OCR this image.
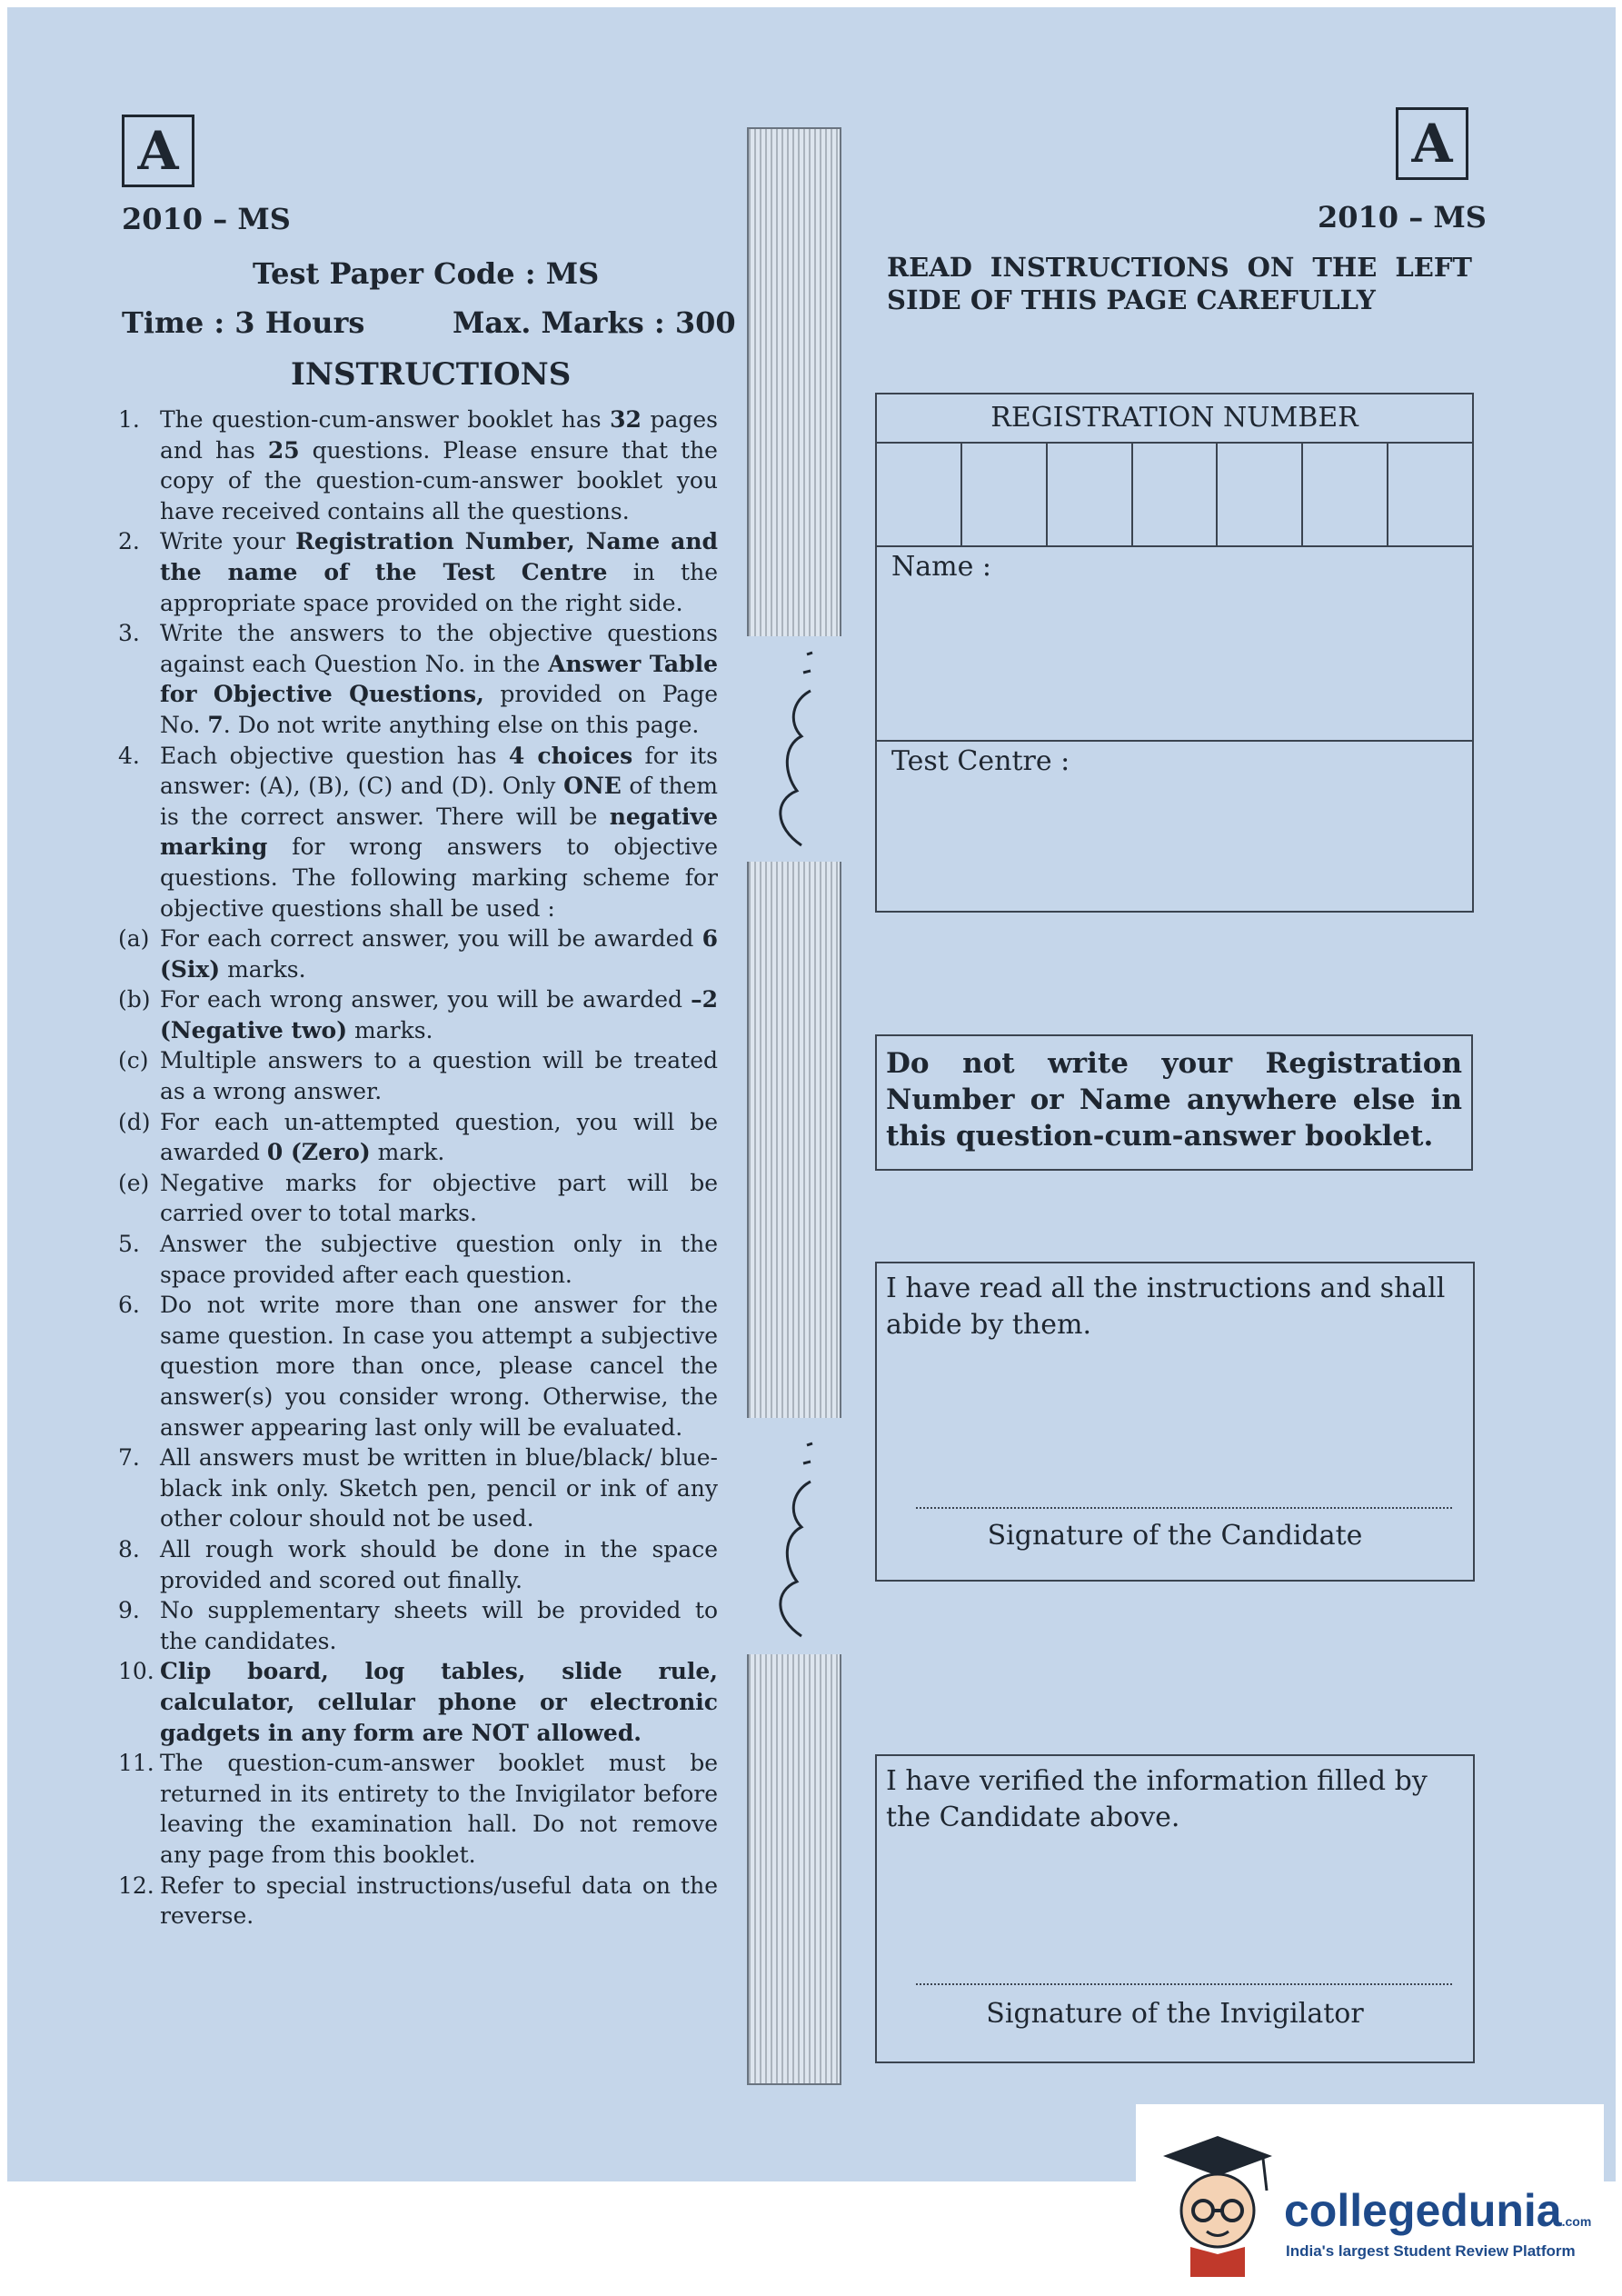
A
2010 – MS
Test Paper Code : MS
Time : 3 Hours	Max. Marks : 300
INSTRUCTIONS
1. The question-cum-answer booklet has 32 pages and has 25 questions. Please ensure that the copy of the question-cum-answer booklet you have received contains all the questions.
2. Write your Registration Number, Name and the name of the Test Centre in the appropriate space provided on the right side.
3. Write the answers to the objective questions against each Question No. in the Answer Table for Objective Questions, provided on Page No. 7. Do not write anything else on this page.
4. Each objective question has 4 choices for its answer: (A), (B), (C) and (D). Only ONE of them is the correct answer. There will be negative marking for wrong answers to objective questions. The following marking scheme for objective questions shall be used :
(a) For each correct answer, you will be awarded 6 (Six) marks.
(b) For each wrong answer, you will be awarded –2 (Negative two) marks.
(c) Multiple answers to a question will be treated as a wrong answer.
(d) For each un-attempted question, you will be awarded 0 (Zero) mark.
(e) Negative marks for objective part will be carried over to total marks.
5. Answer the subjective question only in the space provided after each question.
6. Do not write more than one answer for the same question. In case you attempt a subjective question more than once, please cancel the answer(s) you consider wrong. Otherwise, the answer appearing last only will be evaluated.
7. All answers must be written in blue/black/ blue-black ink only. Sketch pen, pencil or ink of any other colour should not be used.
8. All rough work should be done in the space provided and scored out finally.
9. No supplementary sheets will be provided to the candidates.
10. Clip board, log tables, slide rule, calculator, cellular phone or electronic gadgets in any form are NOT allowed.
11. The question-cum-answer booklet must be returned in its entirety to the Invigilator before leaving the examination hall. Do not remove any page from this booklet.
12. Refer to special instructions/useful data on the reverse.
A
2010 – MS
READ INSTRUCTIONS ON THE LEFT SIDE OF THIS PAGE CAREFULLY
REGISTRATION NUMBER
Name :
Test Centre :
Do not write your Registration Number or Name anywhere else in this question-cum-answer booklet.
I have read all the instructions and shall abide by them.
Signature of the Candidate
I have verified the information filled by the Candidate above.
Signature of the Invigilator
collegedunia.com
India's largest Student Review Platform
